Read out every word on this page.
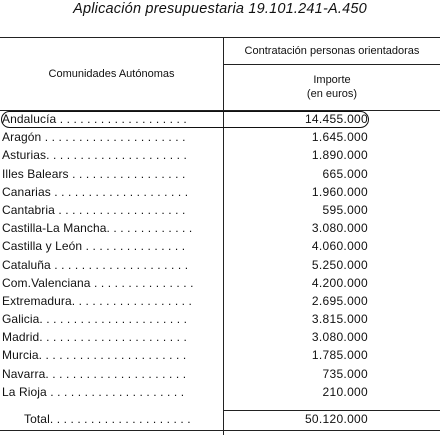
Aplicación presupuestaria 19.101.241-A.450
Comunidades Autónomas
Contratación personas orientadoras
Importe
(en euros)
Andalucía . . . . . . . . . . . . . . . . . . .	14.455.000
Aragón . . . . . . . . . . . . . . . . . . . . .	1.645.000
Asturias. . . . . . . . . . . . . . . . . . . . .	1.890.000
Illes Balears . . . . . . . . . . . . . . . . .	665.000
Canarias . . . . . . . . . . . . . . . . . . . .	1.960.000
Cantabria . . . . . . . . . . . . . . . . . . .	595.000
Castilla-La Mancha. . . . . . . . . . . . .	3.080.000
Castilla y León . . . . . . . . . . . . . . .	4.060.000
Cataluña . . . . . . . . . . . . . . . . . . . .	5.250.000
Com.Valenciana . . . . . . . . . . . . . . .	4.200.000
Extremadura. . . . . . . . . . . . . . . . . .	2.695.000
Galicia. . . . . . . . . . . . . . . . . . . . . .	3.815.000
Madrid. . . . . . . . . . . . . . . . . . . . . .	3.080.000
Murcia. . . . . . . . . . . . . . . . . . . . . .	1.785.000
Navarra. . . . . . . . . . . . . . . . . . . . .	735.000
La Rioja . . . . . . . . . . . . . . . . . . . .	210.000
Total. . . . . . . . . . . . . . . . . . . . .	50.120.000
